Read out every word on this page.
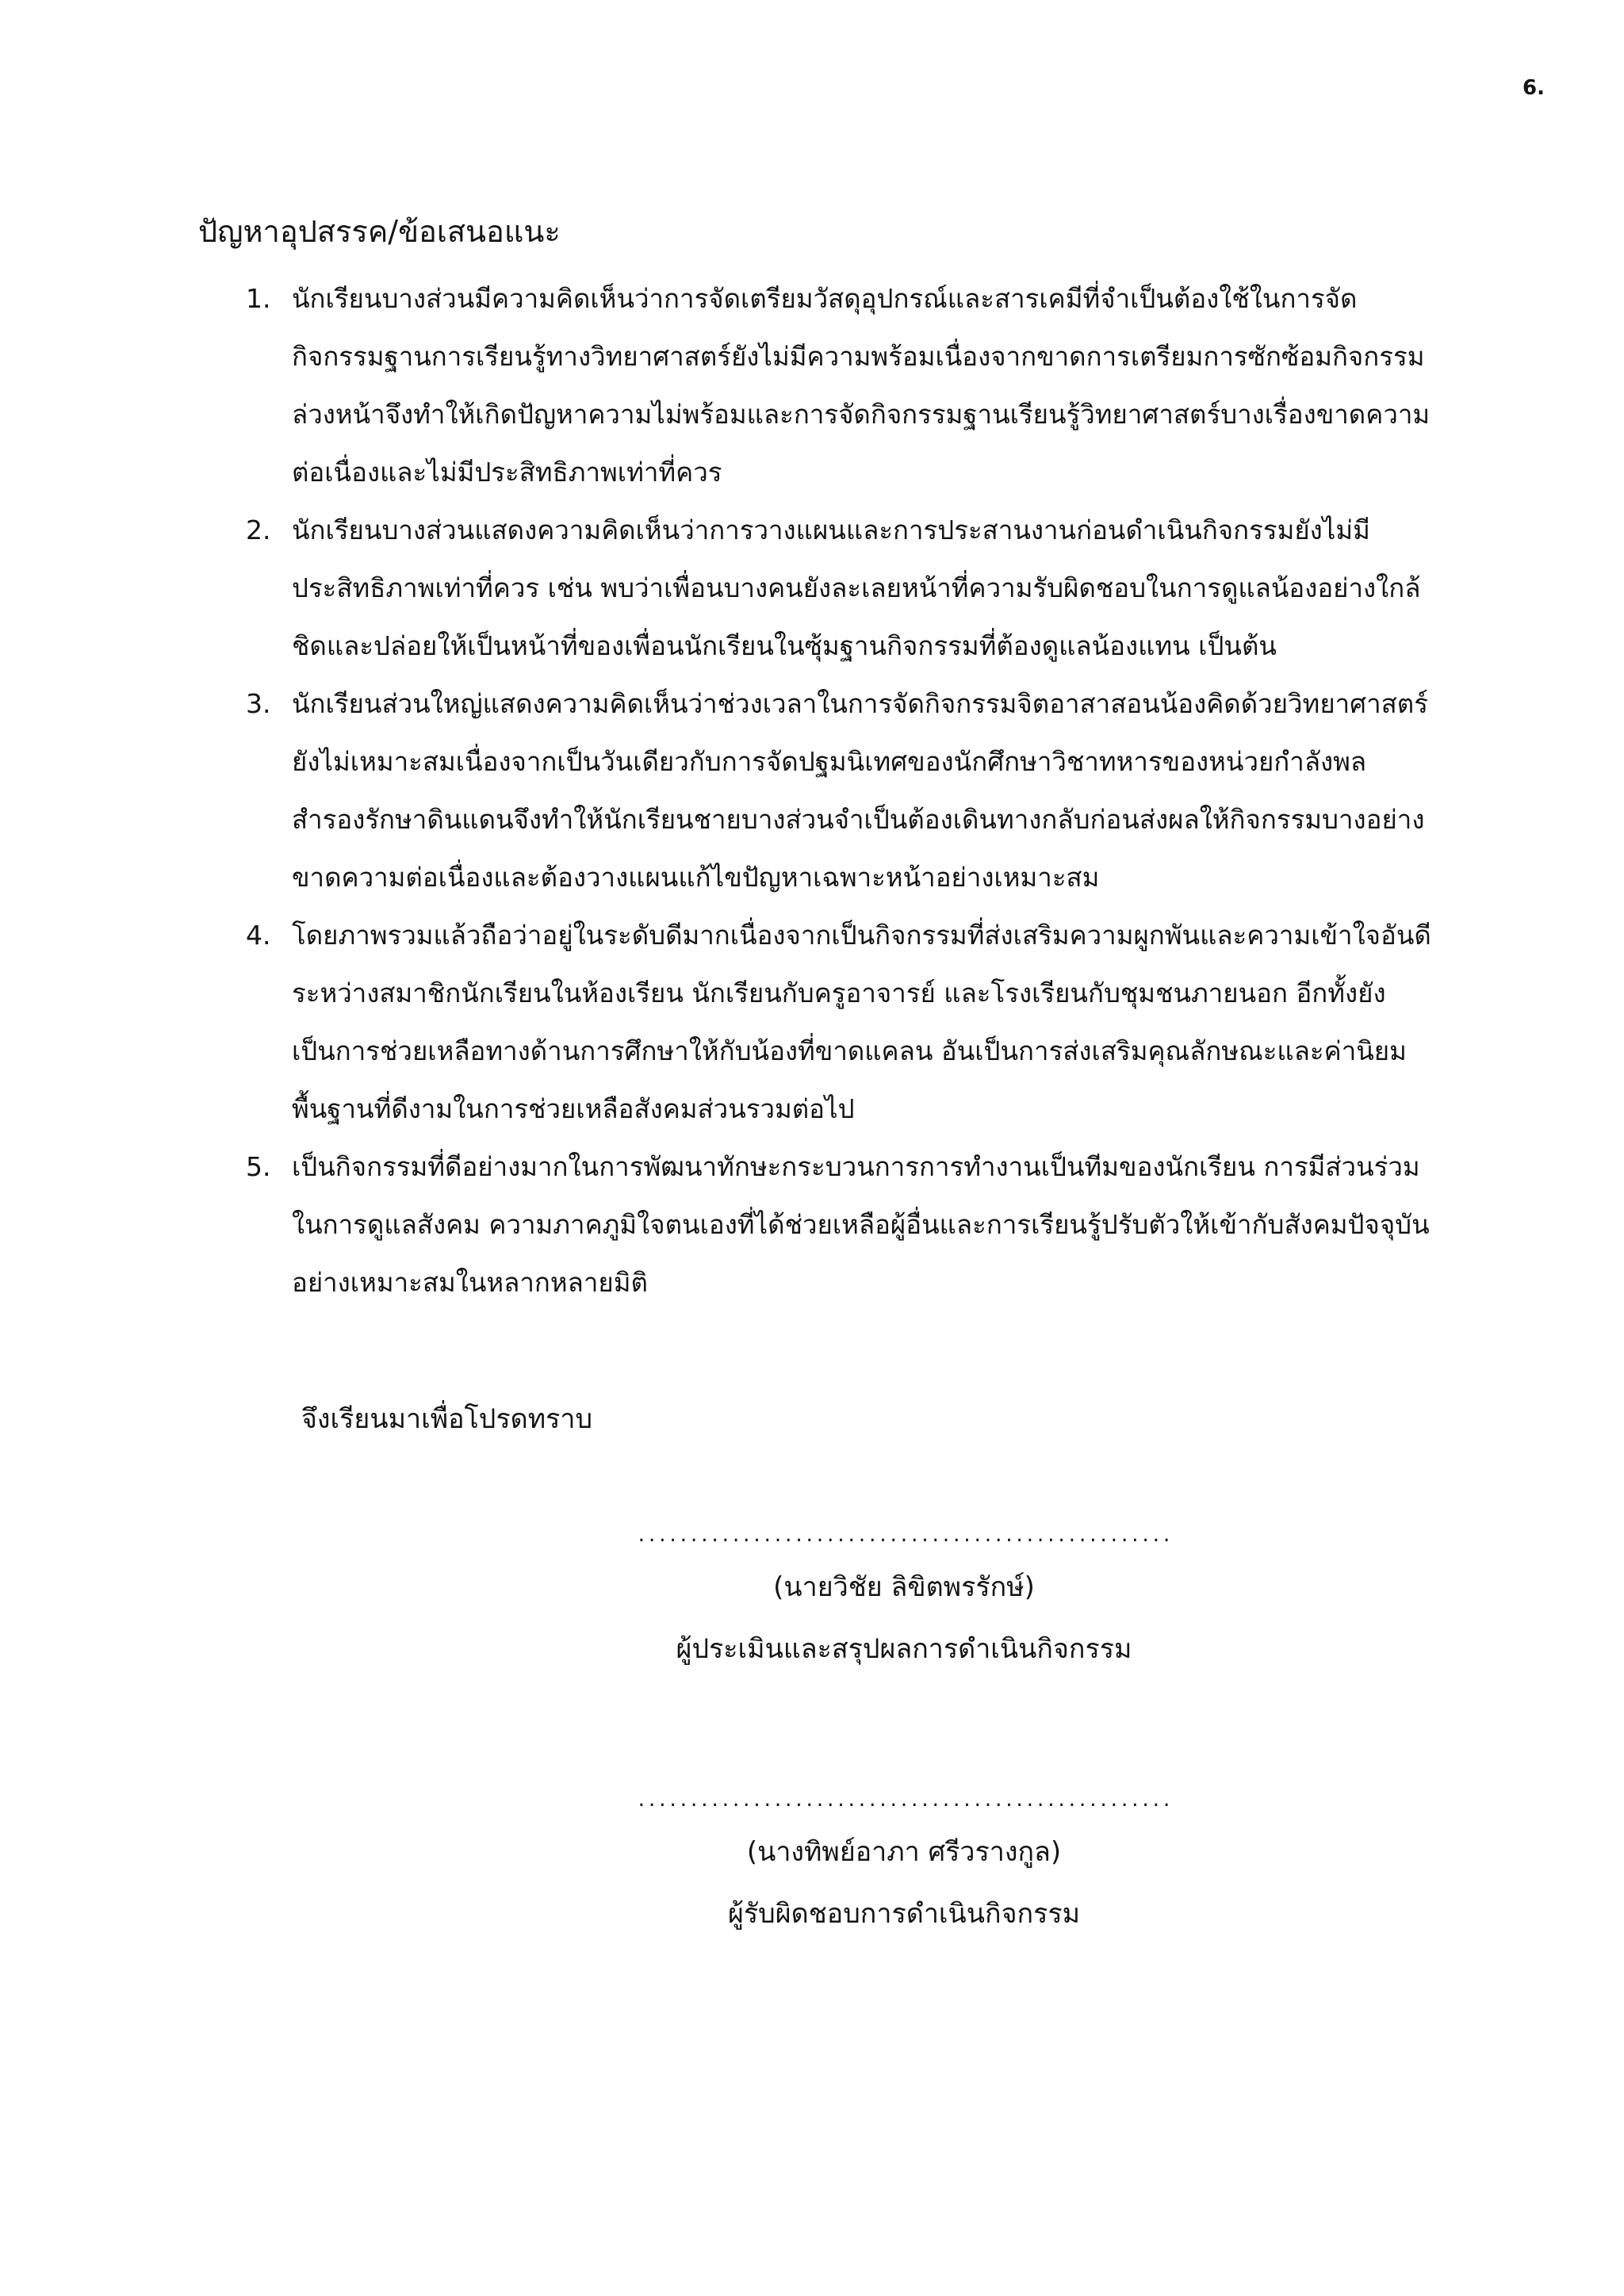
6.

ปัญหาอุปสรรค/ข้อเสนอแนะ
1. นักเรียนบางส่วนมีความคิดเห็นว่าการจัดเตรียมวัสดุอุปกรณ์และสารเคมีที่จำเป็นต้องใช้ในการจัดกิจกรรมฐานการเรียนรู้ทางวิทยาศาสตร์ยังไม่มีความพร้อมเนื่องจากขาดการเตรียมการซักซ้อมกิจกรรมล่วงหน้าจึงทำให้เกิดปัญหาความไม่พร้อมและการจัดกิจกรรมฐานเรียนรู้วิทยาศาสตร์บางเรื่องขาดความต่อเนื่องและไม่มีประสิทธิภาพเท่าที่ควร

2. นักเรียนบางส่วนแสดงความคิดเห็นว่าการวางแผนและการประสานงานก่อนดำเนินกิจกรรมยังไม่มีประสิทธิภาพเท่าที่ควร เช่น พบว่าเพื่อนบางคนยังละเลยหน้าที่ความรับผิดชอบในการดูแลน้องอย่างใกล้ชิดและปล่อยให้เป็นหน้าที่ของเพื่อนนักเรียนในซุ้มฐานกิจกรรมที่ต้องดูแลน้องแทน เป็นต้น

3. นักเรียนส่วนใหญ่แสดงความคิดเห็นว่าช่วงเวลาในการจัดกิจกรรมจิตอาสาสอนน้องคิดด้วยวิทยาศาสตร์ยังไม่เหมาะสมเนื่องจากเป็นวันเดียวกับการจัดปฐมนิเทศของนักศึกษาวิชาทหารของหน่วยกำลังพลสำรองรักษาดินแดนจึงทำให้นักเรียนชายบางส่วนจำเป็นต้องเดินทางกลับก่อนส่งผลให้กิจกรรมบางอย่างขาดความต่อเนื่องและต้องวางแผนแก้ไขปัญหาเฉพาะหน้าอย่างเหมาะสม

4. โดยภาพรวมแล้วถือว่าอยู่ในระดับดีมากเนื่องจากเป็นกิจกรรมที่ส่งเสริมความผูกพันและความเข้าใจอันดีระหว่างสมาชิกนักเรียนในห้องเรียน นักเรียนกับครูอาจารย์ และโรงเรียนกับชุมชนภายนอก อีกทั้งยังเป็นการช่วยเหลือทางด้านการศึกษาให้กับน้องที่ขาดแคลน อันเป็นการส่งเสริมคุณลักษณะและค่านิยมพื้นฐานที่ดีงามในการช่วยเหลือสังคมส่วนรวมต่อไป

5. เป็นกิจกรรมที่ดีอย่างมากในการพัฒนาทักษะกระบวนการการทำงานเป็นทีมของนักเรียน การมีส่วนร่วมในการดูแลสังคม ความภาคภูมิใจตนเองที่ได้ช่วยเหลือผู้อื่นและการเรียนรู้ปรับตัวให้เข้ากับสังคมปัจจุบันอย่างเหมาะสมในหลากหลายมิติ

จึงเรียนมาเพื่อโปรดทราบ

...................................................

(นายวิชัย ลิขิตพรรักษ์)

ผู้ประเมินและสรุปผลการดำเนินกิจกรรม

...................................................

(นางทิพย์อาภา ศรีวรางกูล)

ผู้รับผิดชอบการดำเนินกิจกรรม
